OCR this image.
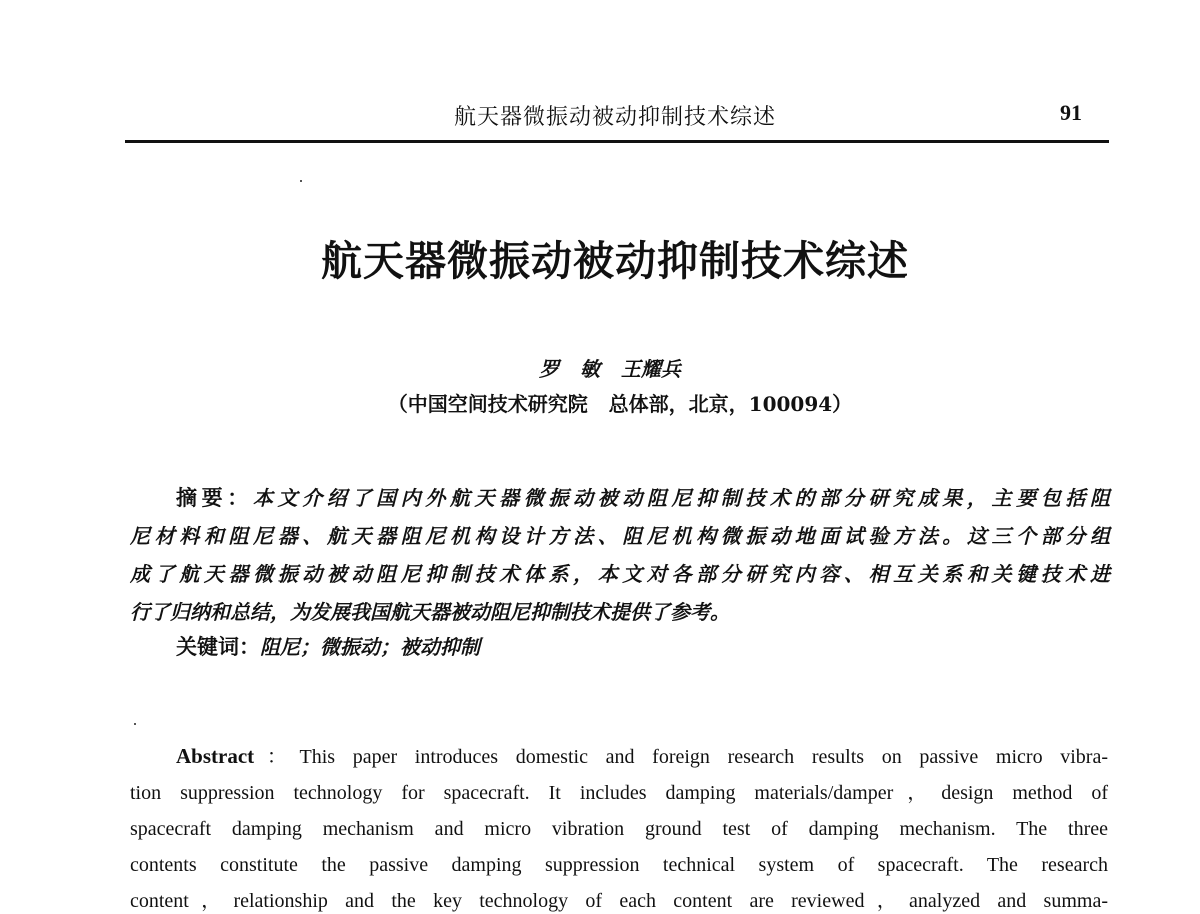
航天器微振动被动抑制技术综述	91
航天器微振动被动抑制技术综述
罗   敏   王耀兵
（中国空间技术研究院   总体部，北京，100094）
摘要：本文介绍了国内外航天器微振动被动阻尼抑制技术的部分研究成果，主要包括阻
尼材料和阻尼器、航天器阻尼机构设计方法、阻尼机构微振动地面试验方法。这三个部分组
成了航天器微振动被动阻尼抑制技术体系，本文对各部分研究内容、相互关系和关键技术进
行了归纳和总结，为发展我国航天器被动阻尼抑制技术提供了参考。
关键词：阻尼；微振动；被动抑制
Abstract：This paper introduces domestic and foreign research results on passive micro vibra-
tion suppression technology for spacecraft. It includes damping materials/damper，design method of
spacecraft damping mechanism and micro vibration ground test of damping mechanism. The three
contents constitute the passive damping suppression technical system of spacecraft. The research
content，relationship and the key technology of each content are reviewed，analyzed and summa-
